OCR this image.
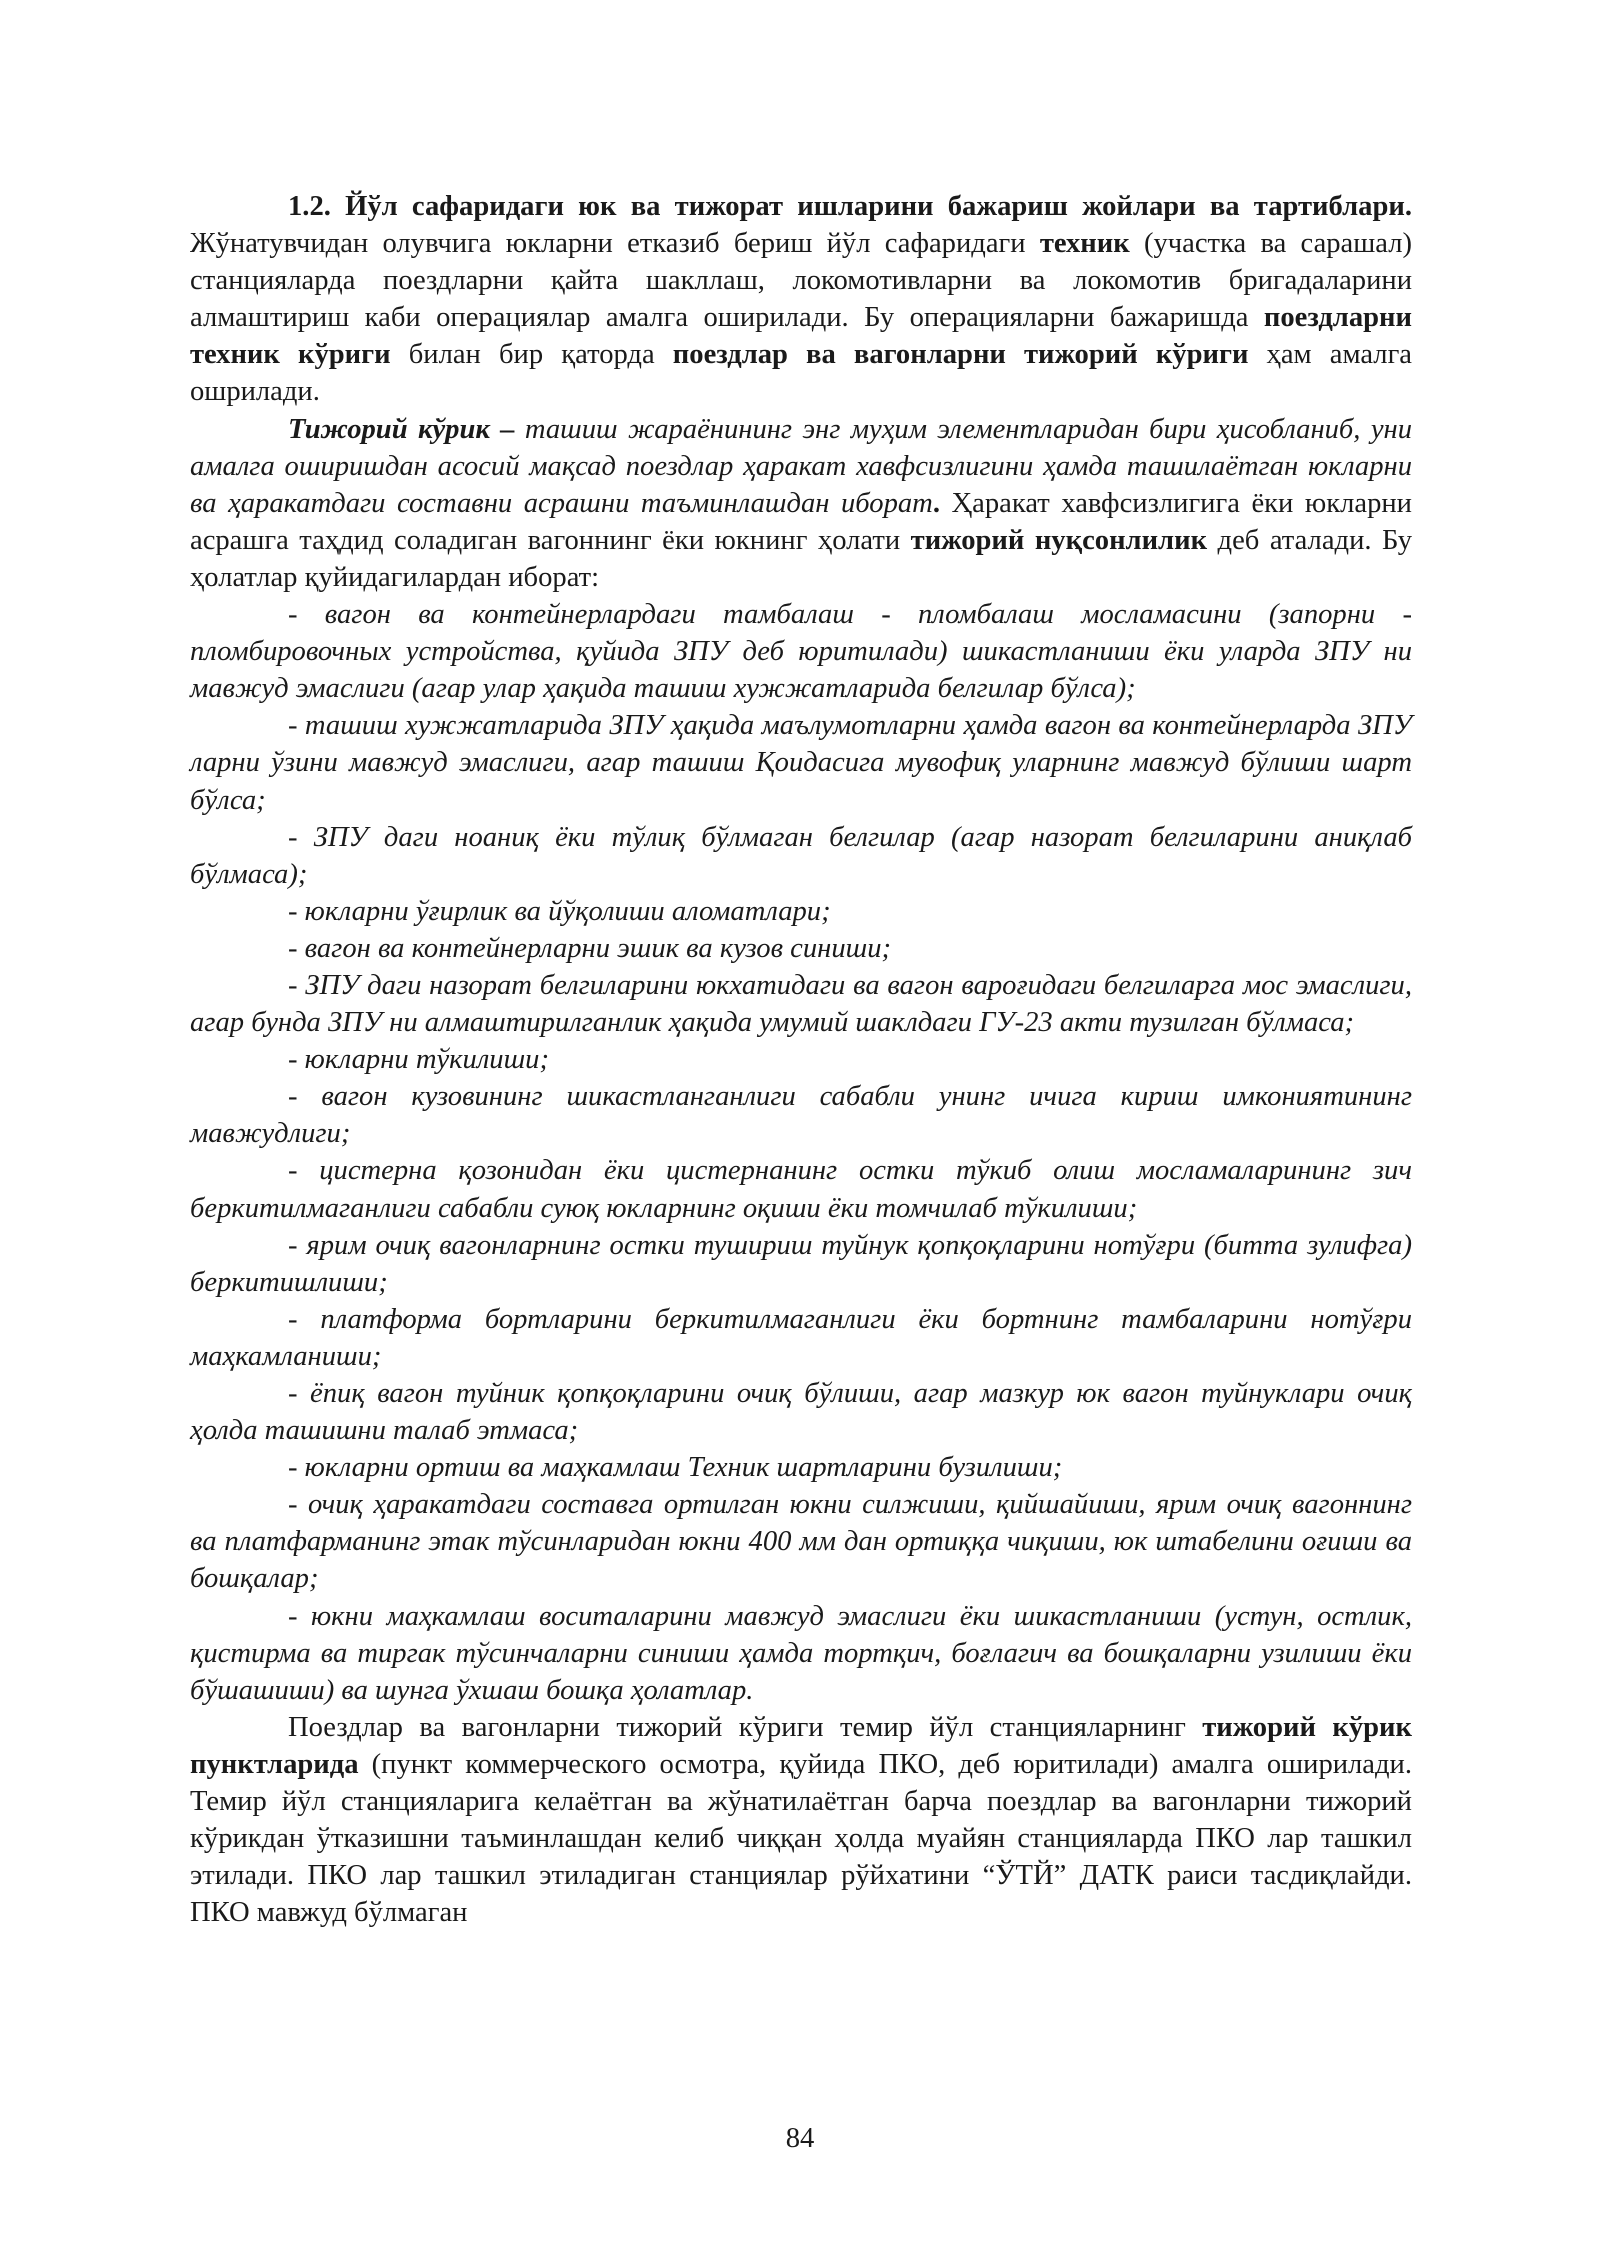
1.2. Йўл сафаридаги юк ва тижорат ишларини бажариш жойлари ва тартиблари. Жўнатувчидан олувчига юкларни етказиб бериш йўл сафаридаги техник (участка ва сарашал) станцияларда поездларни қайта шакллаш, локомотивларни ва локомотив бригадаларини алмаштириш каби операциялар амалга оширилади. Бу операцияларни бажаришда поездларни техник кўриги билан бир қаторда поездлар ва вагонларни тижорий кўриги ҳам амалга ошрилади.

Тижорий кўрик – ташиш жараёнининг энг муҳим элементларидан бири ҳисобланиб, уни амалга оширишдан асосий мақсад поездлар ҳаракат хавфсизлигини ҳамда ташилаётган юкларни ва ҳаракатдаги составни асрашни таъминлашдан иборат. Ҳаракат хавфсизлигига ёки юкларни асрашга таҳдид соладиган вагоннинг ёки юкнинг ҳолати тижорий нуқсонлилик деб аталади. Бу ҳолатлар қуйидагилардан иборат:

- вагон ва контейнерлардаги тамбалаш - пломбалаш мосламасини (запорни - пломбировочных устройства, қуйида ЗПУ деб юритилади) шикастланиши ёки уларда ЗПУ ни мавжуд эмаслиги (агар улар ҳақида ташиш хужжатларида белгилар бўлса);

- ташиш хужжатларида ЗПУ ҳақида маълумотларни ҳамда вагон ва контейнерларда ЗПУ ларни ўзини мавжуд эмаслиги, агар ташиш Қоидасига мувофиқ уларнинг мавжуд бўлиши шарт бўлса;

- ЗПУ даги ноаниқ ёки тўлиқ бўлмаган белгилар (агар назорат белгиларини аниқлаб бўлмаса);

- юкларни ўғирлик ва йўқолиши аломатлари;

- вагон ва контейнерларни эшик ва кузов синиши;

- ЗПУ даги назорат белгиларини юкхатидаги ва вагон вароғидаги белгиларга мос эмаслиги, агар бунда ЗПУ ни алмаштирилганлик ҳақида умумий шаклдаги ГУ-23 акти тузилган бўлмаса;

- юкларни тўкилиши;

- вагон кузовининг шикастланганлиги сабабли унинг ичига кириш имкониятининг мавжудлиги;

- цистерна қозонидан ёки цистернанинг остки тўкиб олиш мосламаларининг зич беркитилмаганлиги сабабли суюқ юкларнинг оқиши ёки томчилаб тўкилиши;

- ярим очиқ вагонларнинг остки тушириш туйнук қопқоқларини нотўғри (битта зулифга) беркитишлиши;

- платформа бортларини беркитилмаганлиги ёки бортнинг тамбаларини нотўғри маҳкамланиши;

- ёпиқ вагон туйник қопқоқларини очиқ бўлиши, агар мазкур юк вагон туйнуклари очиқ ҳолда ташишни талаб этмаса;

- юкларни ортиш ва маҳкамлаш Техник шартларини бузилиши;

- очиқ ҳаракатдаги составга ортилган юкни силжиши, қийшайиши, ярим очиқ вагоннинг ва платфарманинг этак тўсинларидан юкни 400 мм дан ортиққа чиқиши, юк штабелини оғиши ва бошқалар;

- юкни маҳкамлаш воситаларини мавжуд эмаслиги ёки шикастланиши (устун, остлик, қистирма ва тиргак тўсинчаларни синиши ҳамда тортқич, боғлагич ва бошқаларни узилиши ёки бўшашиши) ва шунга ўхшаш бошқа ҳолатлар.

Поездлар ва вагонларни тижорий кўриги темир йўл станцияларнинг тижорий кўрик пунктларида (пункт коммерческого осмотра, қуйида ПКО, деб юритилади) амалга оширилади. Темир йўл станцияларига келаётган ва жўнатилаётган барча поездлар ва вагонларни тижорий кўрикдан ўтказишни таъминлашдан келиб чиққан ҳолда муайян станцияларда ПКО лар ташкил этилади. ПКО лар ташкил этиладиган станциялар рўйхатини “ЎТЙ” ДАТК раиси тасдиқлайди. ПКО мавжуд бўлмаган

84
